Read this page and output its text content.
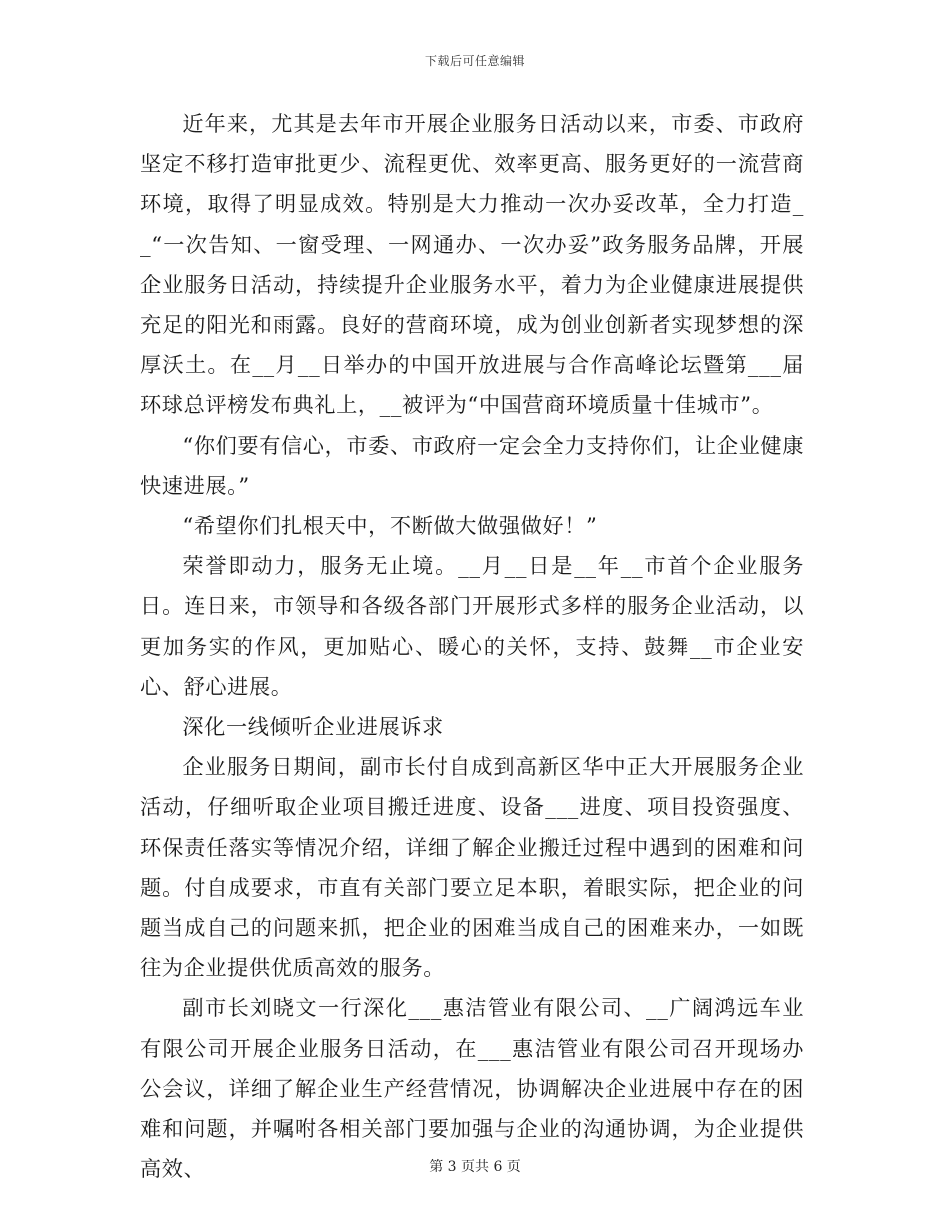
下载后可任意编辑

近年来，尤其是去年市开展企业服务日活动以来，市委、市政府坚定不移打造审批更少、流程更优、效率更高、服务更好的一流营商环境，取得了明显成效。特别是大力推动一次办妥改革，全力打造__“一次告知、一窗受理、一网通办、一次办妥”政务服务品牌，开展企业服务日活动，持续提升企业服务水平，着力为企业健康进展提供充足的阳光和雨露。良好的营商环境，成为创业创新者实现梦想的深厚沃土。在__月__日举办的中国开放进展与合作高峰论坛暨第___届环球总评榜发布典礼上，__被评为“中国营商环境质量十佳城市”。

“你们要有信心，市委、市政府一定会全力支持你们，让企业健康快速进展。”

“希望你们扎根天中，不断做大做强做好！”

荣誉即动力，服务无止境。__月__日是__年__市首个企业服务日。连日来，市领导和各级各部门开展形式多样的服务企业活动，以更加务实的作风，更加贴心、暖心的关怀，支持、鼓舞__市企业安心、舒心进展。

深化一线倾听企业进展诉求

企业服务日期间，副市长付自成到高新区华中正大开展服务企业活动，仔细听取企业项目搬迁进度、设备___进度、项目投资强度、环保责任落实等情况介绍，详细了解企业搬迁过程中遇到的困难和问题。付自成要求，市直有关部门要立足本职，着眼实际，把企业的问题当成自己的问题来抓，把企业的困难当成自己的困难来办，一如既往为企业提供优质高效的服务。

副市长刘晓文一行深化___惠洁管业有限公司、__广阔鸿远车业有限公司开展企业服务日活动，在___惠洁管业有限公司召开现场办公会议，详细了解企业生产经营情况，协调解决企业进展中存在的困难和问题，并嘱咐各相关部门要加强与企业的沟通协调，为企业提供高效、	第 3 页共 6 页
